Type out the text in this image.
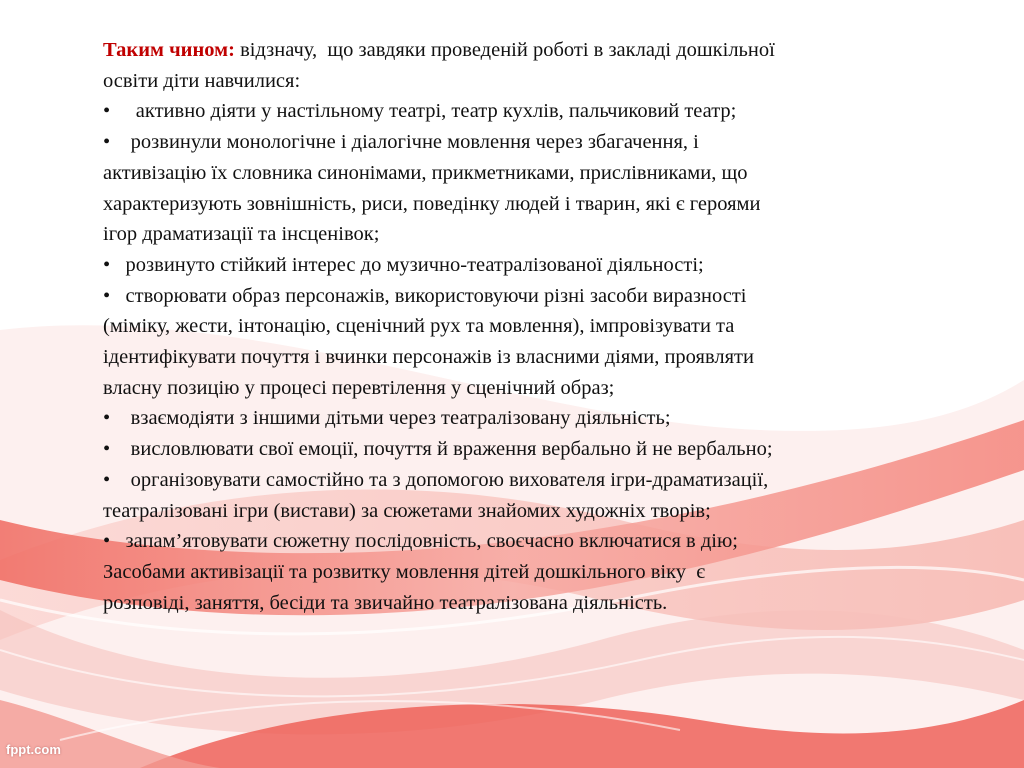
Таким чином: відзначу,  що завдяки проведеній роботі в закладі дошкільної
освіти діти навчилися:
•     активно діяти у настільному театрі, театр кухлів, пальчиковий театр;
•    розвинули монологічне і діалогічне мовлення через збагачення, і
активізацію їх словника синонімами, прикметниками, прислівниками, що
характеризують зовнішність, риси, поведінку людей і тварин, які є героями
ігор драматизації та інсценівок;
•   розвинуто стійкий інтерес до музично-театралізованої діяльності;
•   створювати образ персонажів, використовуючи різні засоби виразності
(міміку, жести, інтонацію, сценічний рух та мовлення), імпровізувати та
ідентифікувати почуття і вчинки персонажів із власними діями, проявляти
власну позицію у процесі перевтілення у сценічний образ;
•    взаємодіяти з іншими дітьми через театралізовану діяльність;
•    висловлювати свої емоції, почуття й враження вербально й не вербально;
•    організовувати самостійно та з допомогою вихователя ігри-драматизації,
театралізовані ігри (вистави) за сюжетами знайомих художніх творів;
•   запам’ятовувати сюжетну послідовність, своєчасно включатися в дію;
Засобами активізації та розвитку мовлення дітей дошкільного віку  є
розповіді, заняття, бесіди та звичайно театралізована діяльність.
fppt.com
